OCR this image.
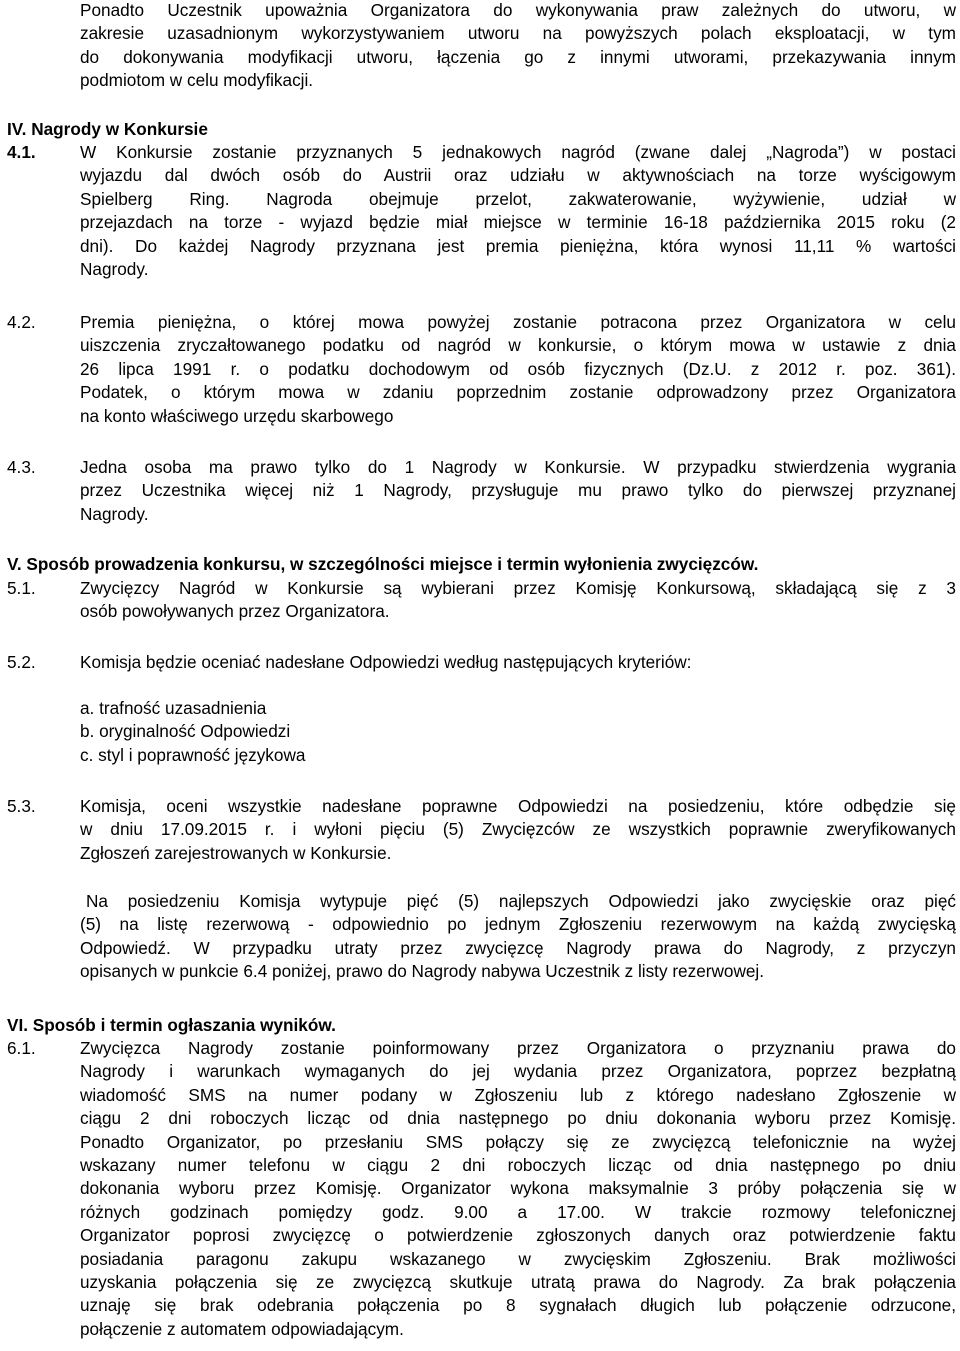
Ponadto Uczestnik upoważnia Organizatora do wykonywania praw zależnych do utworu, w
zakresie uzasadnionym wykorzystywaniem utworu na powyższych polach eksploatacji, w tym
do dokonywania modyfikacji utworu, łączenia go z innymi utworami, przekazywania innym
podmiotom w celu modyfikacji.
IV. Nagrody w Konkursie
4.1.	W Konkursie zostanie przyznanych 5 jednakowych nagród (zwane dalej „Nagroda”) w postaci
wyjazdu dal dwóch osób do Austrii oraz udziału w aktywnościach na torze wyścigowym
Spielberg Ring. Nagroda obejmuje przelot, zakwaterowanie, wyżywienie, udział w
przejazdach na torze - wyjazd będzie miał miejsce w terminie 16-18 października 2015 roku (2
dni). Do każdej Nagrody przyznana jest premia pieniężna, która wynosi 11,11 % wartości
Nagrody.
4.2.	Premia pieniężna, o której mowa powyżej zostanie potracona przez Organizatora w celu
uiszczenia zryczałtowanego podatku od nagród w konkursie, o którym mowa w ustawie z dnia
26 lipca 1991 r. o podatku dochodowym od osób fizycznych (Dz.U. z 2012 r. poz. 361).
Podatek, o którym mowa w zdaniu poprzednim zostanie odprowadzony przez Organizatora
na konto właściwego urzędu skarbowego
4.3.	Jedna osoba ma prawo tylko do 1 Nagrody w Konkursie. W przypadku stwierdzenia wygrania
przez Uczestnika więcej niż 1 Nagrody, przysługuje mu prawo tylko do pierwszej przyznanej
Nagrody.
V. Sposób prowadzenia konkursu, w szczególności miejsce i termin wyłonienia zwycięzców.
5.1.	Zwycięzcy Nagród w Konkursie są wybierani przez Komisję Konkursową, składającą się z 3
osób powoływanych przez Organizatora.
5.2.	Komisja będzie oceniać nadesłane Odpowiedzi według następujących kryteriów:
a. trafność uzasadnienia
b. oryginalność Odpowiedzi
c. styl i poprawność językowa
5.3.	Komisja, oceni wszystkie nadesłane poprawne Odpowiedzi na posiedzeniu, które odbędzie się
w dniu 17.09.2015 r. i wyłoni pięciu (5) Zwycięzców ze wszystkich poprawnie zweryfikowanych
Zgłoszeń zarejestrowanych w Konkursie.
Na posiedzeniu Komisja wytypuje pięć (5) najlepszych Odpowiedzi jako zwycięskie oraz pięć
(5) na listę rezerwową - odpowiednio po jednym Zgłoszeniu rezerwowym na każdą zwycięską
Odpowiedź. W przypadku utraty przez zwycięzcę Nagrody prawa do Nagrody, z przyczyn
opisanych w punkcie 6.4 poniżej, prawo do Nagrody nabywa Uczestnik z listy rezerwowej.
VI. Sposób i termin ogłaszania wyników.
6.1.	Zwycięzca Nagrody zostanie poinformowany przez Organizatora o przyznaniu prawa do
Nagrody i warunkach wymaganych do jej wydania przez Organizatora, poprzez bezpłatną
wiadomość SMS na numer podany w Zgłoszeniu lub z którego nadesłano Zgłoszenie w
ciągu 2 dni roboczych licząc od dnia następnego po dniu dokonania wyboru przez Komisję.
Ponadto Organizator, po przesłaniu SMS połączy się ze zwycięzcą telefonicznie na wyżej
wskazany numer telefonu w ciągu 2 dni roboczych licząc od dnia następnego po dniu
dokonania wyboru przez Komisję. Organizator wykona maksymalnie 3 próby połączenia się w
różnych godzinach pomiędzy godz. 9.00 a 17.00. W trakcie rozmowy telefonicznej
Organizator poprosi zwycięzcę o potwierdzenie zgłoszonych danych oraz potwierdzenie faktu
posiadania paragonu zakupu wskazanego w zwycięskim Zgłoszeniu. Brak możliwości
uzyskania połączenia się ze zwycięzcą skutkuje utratą prawa do Nagrody. Za brak połączenia
uznaję się brak odebrania połączenia po 8 sygnałach długich lub połączenie odrzucone,
połączenie z automatem odpowiadającym.
